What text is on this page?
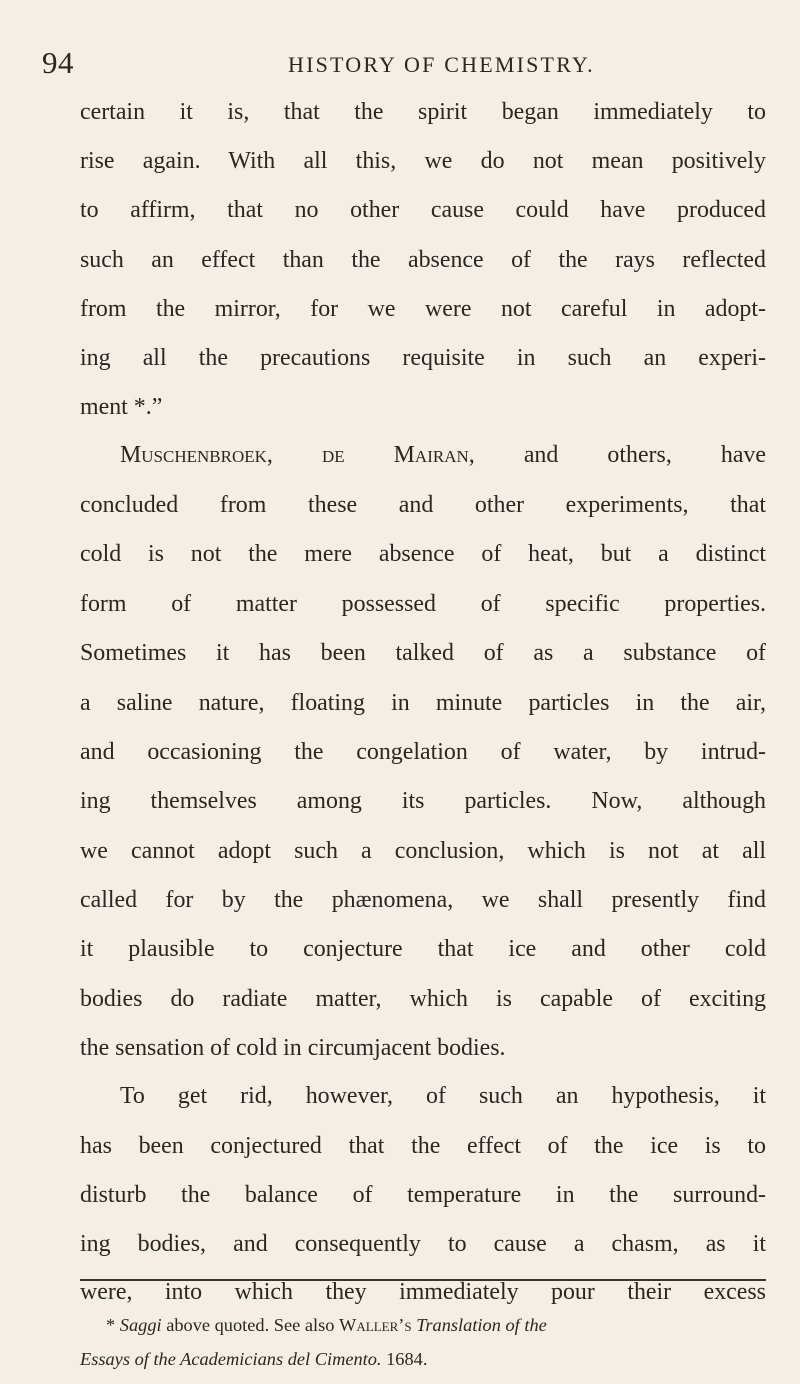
94	HISTORY OF CHEMISTRY.
certain it is, that the spirit began immediately to
rise again. With all this, we do not mean positively
to affirm, that no other cause could have produced
such an effect than the absence of the rays reflected
from the mirror, for we were not careful in adopt-
ing all the precautions requisite in such an experi-
ment *.”
Muschenbroek, de Mairan, and others, have
concluded from these and other experiments, that
cold is not the mere absence of heat, but a distinct
form of matter possessed of specific properties.
Sometimes it has been talked of as a substance of
a saline nature, floating in minute particles in the air,
and occasioning the congelation of water, by intrud-
ing themselves among its particles. Now, although
we cannot adopt such a conclusion, which is not at all
called for by the phænomena, we shall presently find
it plausible to conjecture that ice and other cold
bodies do radiate matter, which is capable of exciting
the sensation of cold in circumjacent bodies.
To get rid, however, of such an hypothesis, it
has been conjectured that the effect of the ice is to
disturb the balance of temperature in the surround-
ing bodies, and consequently to cause a chasm, as it
were, into which they immediately pour their excess
* Saggi above quoted. See also Waller’s Translation of the
Essays of the Academicians del Cimento. 1684.
